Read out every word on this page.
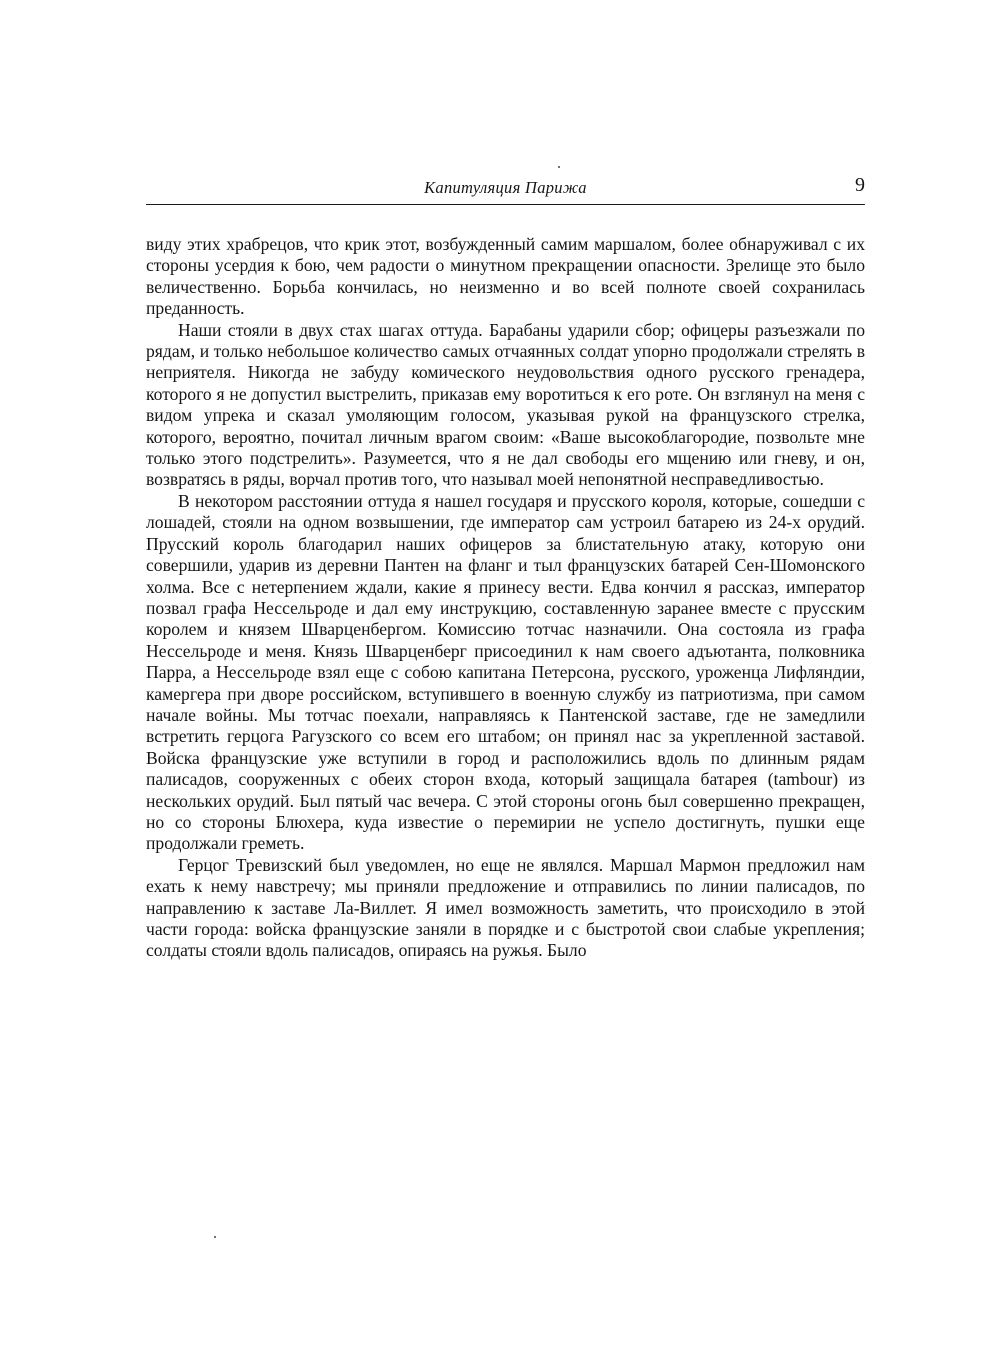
Капитуляция Парижа	9

виду этих храбрецов, что крик этот, возбужденный самим маршалом, более обнаруживал с их стороны усердия к бою, чем радости о минутном прекращении опасности. Зрелище это было величественно. Борьба кончилась, но неизменно и во всей полноте своей сохранилась преданность.

Наши стояли в двух стах шагах оттуда. Барабаны ударили сбор; офицеры разъезжали по рядам, и только небольшое количество самых отчаянных солдат упорно продолжали стрелять в неприятеля. Никогда не забуду комического неудовольствия одного русского гренадера, которого я не допустил выстрелить, приказав ему воротиться к его роте. Он взглянул на меня с видом упрека и сказал умоляющим голосом, указывая рукой на французского стрелка, которого, вероятно, почитал личным врагом своим: «Ваше высокоблагородие, позвольте мне только этого подстрелить». Разумеется, что я не дал свободы его мщению или гневу, и он, возвратясь в ряды, ворчал против того, что называл моей непонятной несправедливостью.

В некотором расстоянии оттуда я нашел государя и прусского короля, которые, сошедши с лошадей, стояли на одном возвышении, где император сам устроил батарею из 24-х орудий. Прусский король благодарил наших офицеров за блистательную атаку, которую они совершили, ударив из деревни Пантен на фланг и тыл французских батарей Сен-Шомонского холма. Все с нетерпением ждали, какие я принесу вести. Едва кончил я рассказ, император позвал графа Нессельроде и дал ему инструкцию, составленную заранее вместе с прусским королем и князем Шварценбергом. Комиссию тотчас назначили. Она состояла из графа Нессельроде и меня. Князь Шварценберг присоединил к нам своего адъютанта, полковника Парра, а Нессельроде взял еще с собою капитана Петерсона, русского, уроженца Лифляндии, камергера при дворе российском, вступившего в военную службу из патриотизма, при самом начале войны. Мы тотчас поехали, направляясь к Пантенской заставе, где не замедлили встретить герцога Рагузского со всем его штабом; он принял нас за укрепленной заставой. Войска французские уже вступили в город и расположились вдоль по длинным рядам палисадов, сооруженных с обеих сторон входа, который защищала батарея (tambour) из нескольких орудий. Был пятый час вечера. С этой стороны огонь был совершенно прекращен, но со стороны Блюхера, куда известие о перемирии не успело достигнуть, пушки еще продолжали греметь.

Герцог Тревизский был уведомлен, но еще не являлся. Маршал Мармон предложил нам ехать к нему навстречу; мы приняли предложение и отправились по линии палисадов, по направлению к заставе Ла-Виллет. Я имел возможность заметить, что происходило в этой части города: войска французские заняли в порядке и с быстротой свои слабые укрепления; солдаты стояли вдоль палисадов, опираясь на ружья. Было
